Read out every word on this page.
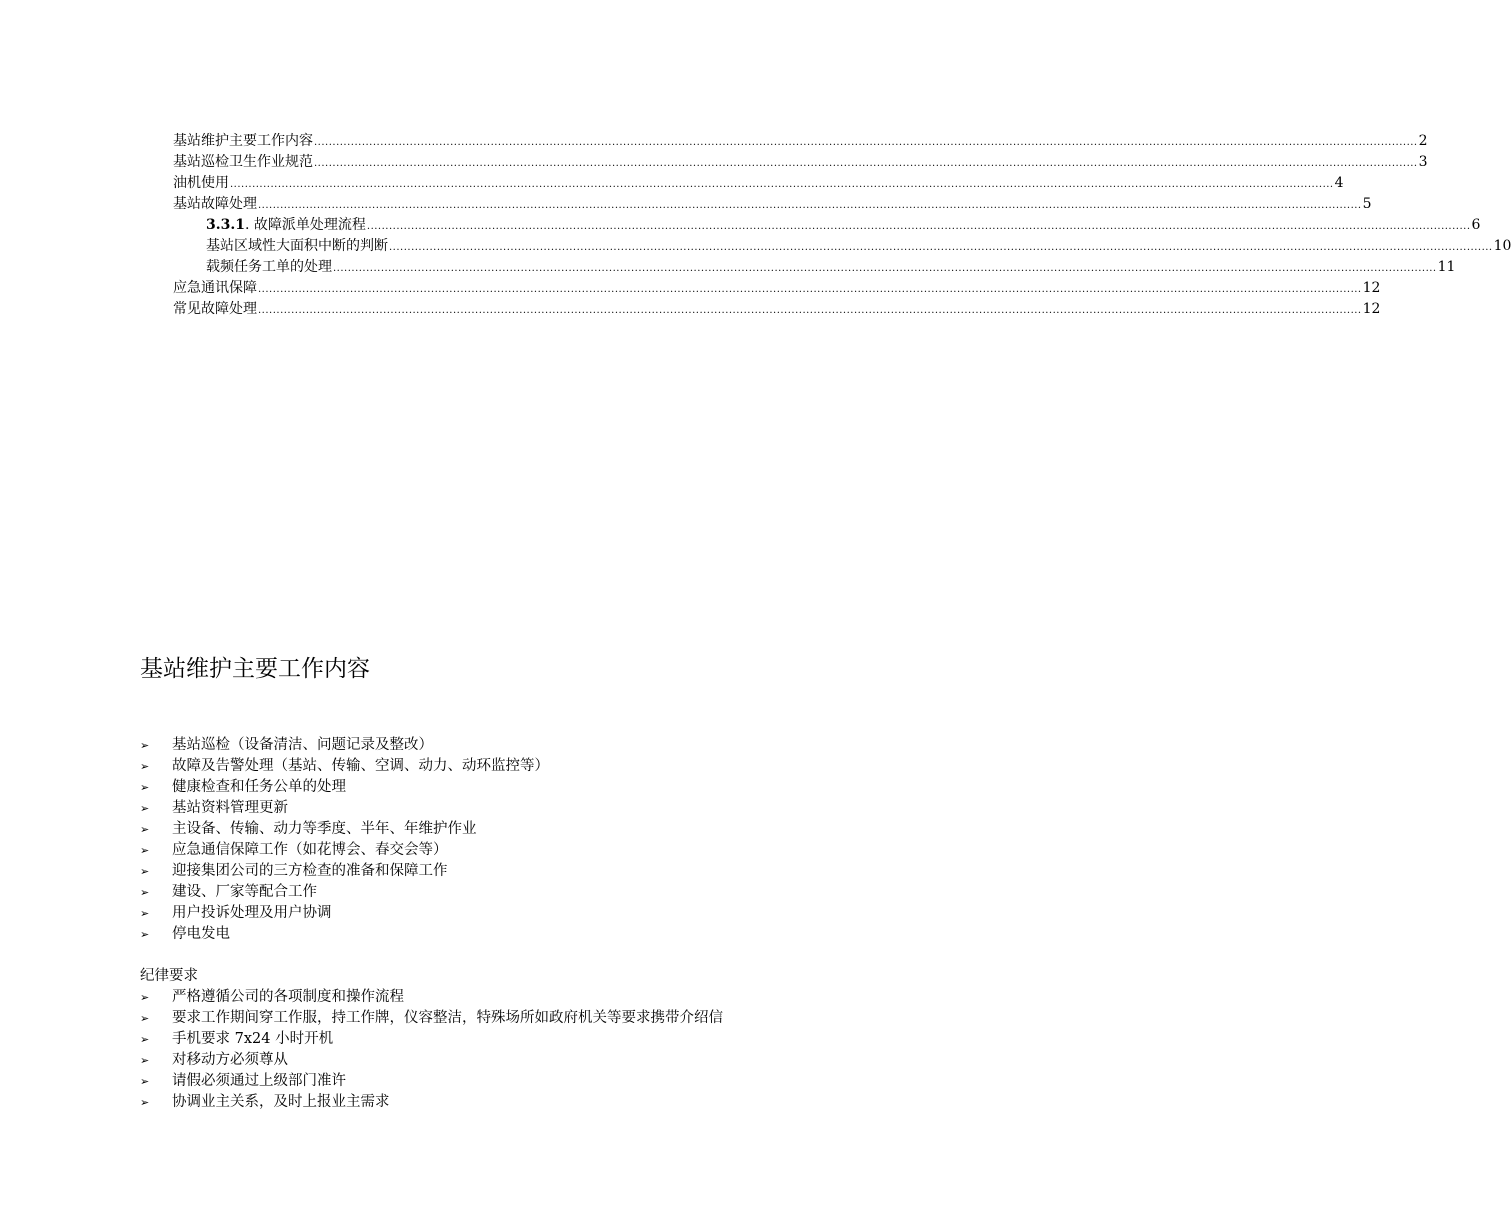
基站维护主要工作内容 ............................................................................................................................................................................................................................................................................................................ 2
基站巡检卫生作业规范 ............................................................................................................................................................................................................................................................................................................ 3
油机使用 ............................................................................................................................................................................................................................................................................................................ 4
基站故障处理 ............................................................................................................................................................................................................................................................................................................ 5
3.3.1 . 故障派单处理流程 ............................................................................................................................................................................................................................................................................................................ 6
基站区域性大面积中断的判断 ............................................................................................................................................................................................................................................................................................................ 10
载频任务工单的处理 ............................................................................................................................................................................................................................................................................................................ 11
应急通讯保障 ............................................................................................................................................................................................................................................................................................................ 12
常见故障处理 ............................................................................................................................................................................................................................................................................................................ 12
基站维护主要工作内容
➢	基站巡检（设备清洁、问题记录及整改）
➢	故障及告警处理（基站、传输、空调、动力、动环监控等）
➢	健康检查和任务公单的处理
➢	基站资料管理更新
➢	主设备、传输、动力等季度、半年、年维护作业
➢	应急通信保障工作（如花博会、春交会等）
➢	迎接集团公司的三方检查的准备和保障工作
➢	建设、厂家等配合工作
➢	用户投诉处理及用户协调
➢	停电发电

纪律要求

➢	严格遵循公司的各项制度和操作流程
➢	要求工作期间穿工作服，持工作牌，仪容整洁，特殊场所如政府机关等要求携带介绍信
➢	手机要求 7x24 小时开机
➢	对移动方必须尊从
➢	请假必须通过上级部门准许
➢	协调业主关系，及时上报业主需求
